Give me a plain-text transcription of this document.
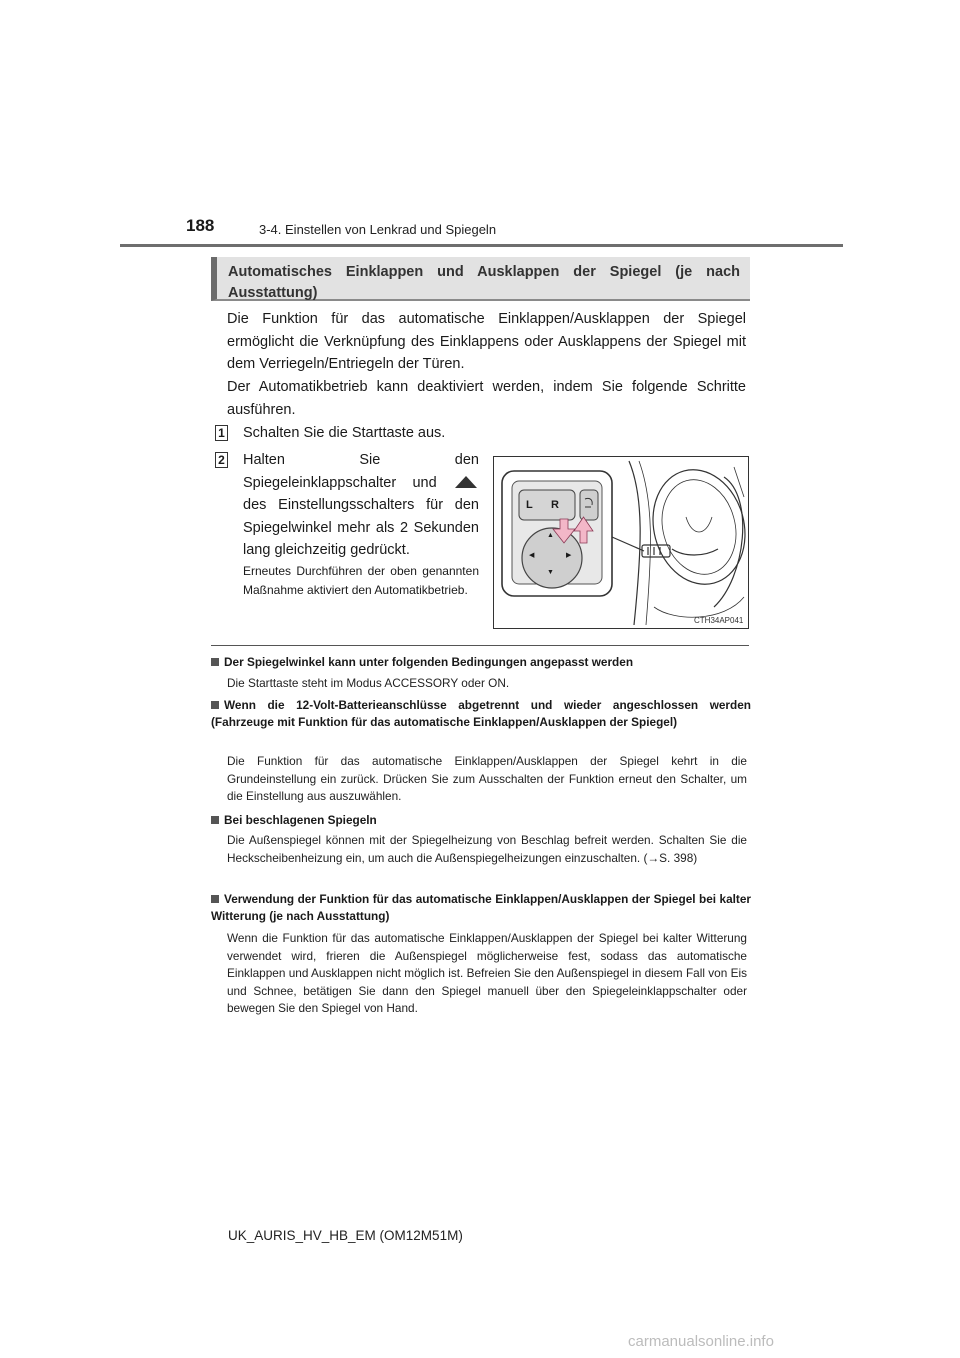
188	3-4. Einstellen von Lenkrad und Spiegeln
Automatisches Einklappen und Ausklappen der Spiegel (je nach Ausstattung)
Die Funktion für das automatische Einklappen/Ausklappen der Spiegel ermöglicht die Verknüpfung des Einklappens oder Ausklappens der Spiegel mit dem Verriegeln/Entriegeln der Türen.
Der Automatikbetrieb kann deaktiviert werden, indem Sie folgende Schritte ausführen.
1 Schalten Sie die Starttaste aus.
2 Halten Sie den Spiegeleinklappschalter und  des Einstellungsschalters für den Spiegelwinkel mehr als 2 Sekunden lang gleichzeitig gedrückt.
Erneutes Durchführen der oben genannten Maßnahme aktiviert den Automatikbetrieb.
L R
▲
▼
◀	▶
CTH34AP041
Der Spiegelwinkel kann unter folgenden Bedingungen angepasst werden
Die Starttaste steht im Modus ACCESSORY oder ON.
Wenn die 12-Volt-Batterieanschlüsse abgetrennt und wieder angeschlossen werden (Fahrzeuge mit Funktion für das automatische Einklappen/Ausklappen der Spiegel)
Die Funktion für das automatische Einklappen/Ausklappen der Spiegel kehrt in die Grundeinstellung ein zurück. Drücken Sie zum Ausschalten der Funktion erneut den Schalter, um die Einstellung aus auszuwählen.
Bei beschlagenen Spiegeln
Die Außenspiegel können mit der Spiegelheizung von Beschlag befreit werden. Schalten Sie die Heckscheibenheizung ein, um auch die Außenspiegelheizungen einzuschalten. (→S. 398)
Verwendung der Funktion für das automatische Einklappen/Ausklappen der Spiegel bei kalter Witterung (je nach Ausstattung)
Wenn die Funktion für das automatische Einklappen/Ausklappen der Spiegel bei kalter Witterung verwendet wird, frieren die Außenspiegel möglicherweise fest, sodass das automatische Einklappen und Ausklappen nicht möglich ist. Befreien Sie den Außenspiegel in diesem Fall von Eis und Schnee, betätigen Sie dann den Spiegel manuell über den Spiegeleinklappschalter oder bewegen Sie den Spiegel von Hand.
UK_AURIS_HV_HB_EM (OM12M51M)
carmanualsonline.info
